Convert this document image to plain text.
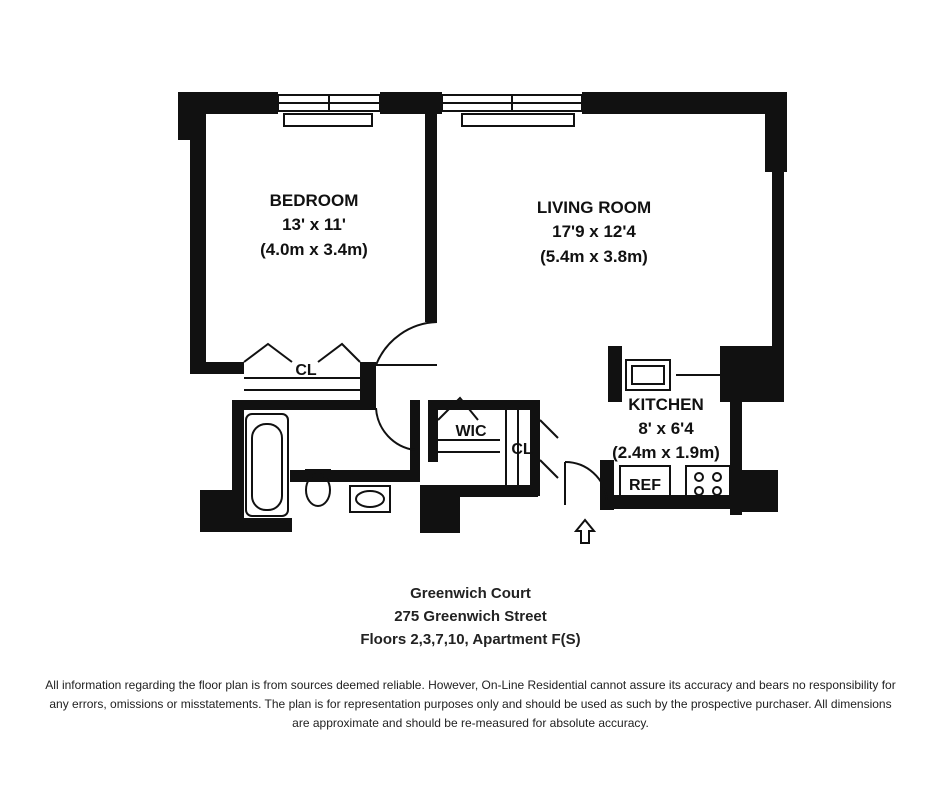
BEDROOM
13' x 11'
(4.0m x 3.4m)
LIVING ROOM
17'9 x 12'4
(5.4m x 3.8m)
KITCHEN
8' x 6'4
(2.4m x 1.9m)
CL
WIC
CL
REF
Greenwich Court
275 Greenwich Street
Floors 2,3,7,10, Apartment F(S)
All information regarding the floor plan is from sources deemed reliable. However, On-Line Residential cannot assure its accuracy and bears no responsibility for any errors, omissions or misstatements. The plan is for representation purposes only and should be used as such by the prospective purchaser. All dimensions are approximate and should be re-measured for absolute accuracy.
